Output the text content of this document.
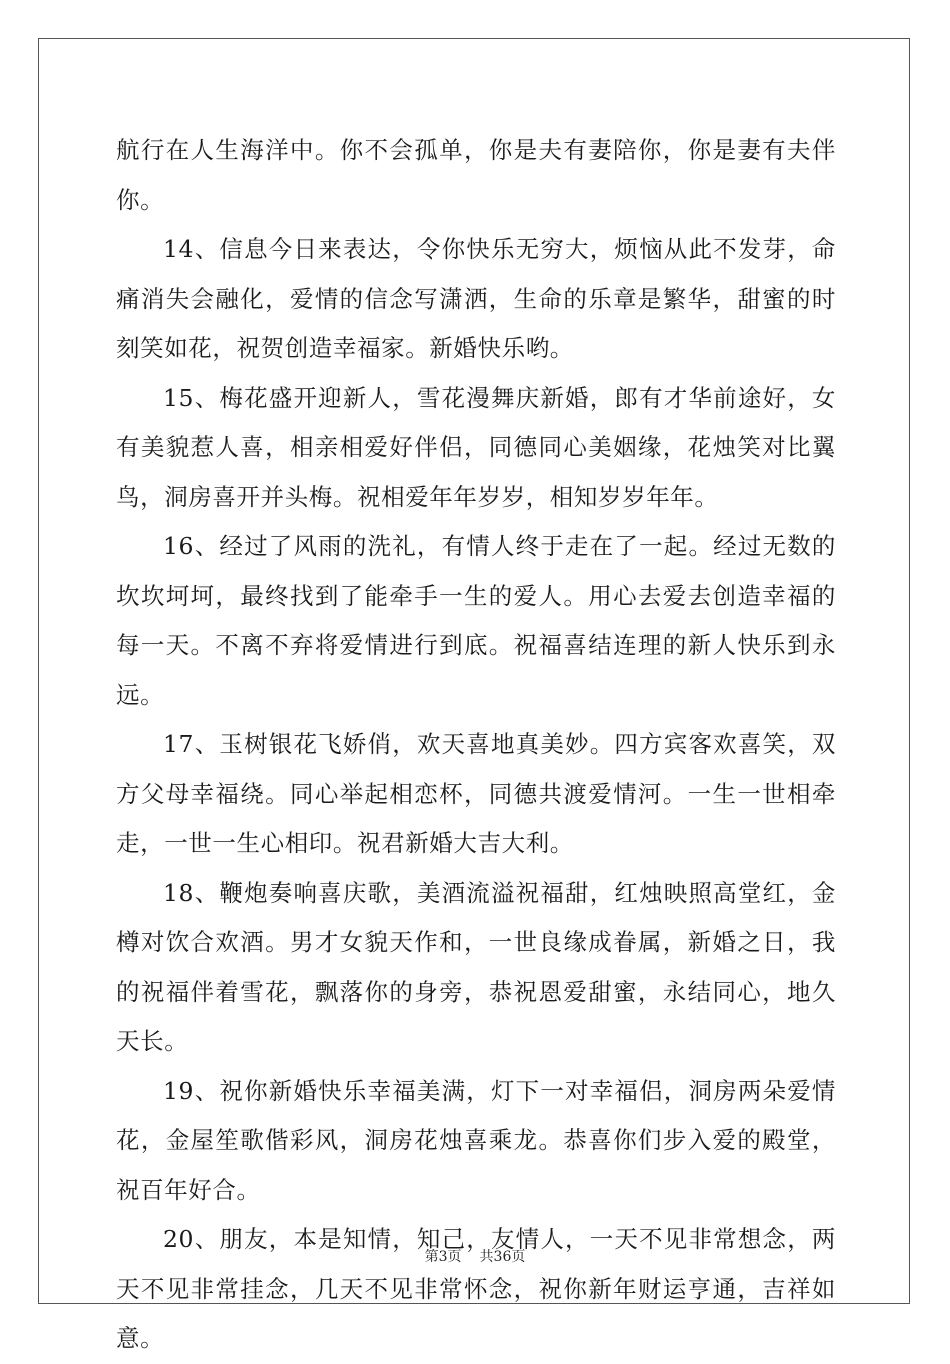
航行在人生海洋中。你不会孤单，你是夫有妻陪你，你是妻有夫伴你。

14、信息今日来表达，令你快乐无穷大，烦恼从此不发芽，命痛消失会融化，爱情的信念写潇洒，生命的乐章是繁华，甜蜜的时刻笑如花，祝贺创造幸福家。新婚快乐哟。

15、梅花盛开迎新人，雪花漫舞庆新婚，郎有才华前途好，女有美貌惹人喜，相亲相爱好伴侣，同德同心美姻缘，花烛笑对比翼鸟，洞房喜开并头梅。祝相爱年年岁岁，相知岁岁年年。

16、经过了风雨的洗礼，有情人终于走在了一起。经过无数的坎坎坷坷，最终找到了能牵手一生的爱人。用心去爱去创造幸福的每一天。不离不弃将爱情进行到底。祝福喜结连理的新人快乐到永远。

17、玉树银花飞娇俏，欢天喜地真美妙。四方宾客欢喜笑，双方父母幸福绕。同心举起相恋杯，同德共渡爱情河。一生一世相牵走，一世一生心相印。祝君新婚大吉大利。

18、鞭炮奏响喜庆歌，美酒流溢祝福甜，红烛映照高堂红，金樽对饮合欢酒。男才女貌天作和，一世良缘成眷属，新婚之日，我的祝福伴着雪花，飘落你的身旁，恭祝恩爱甜蜜，永结同心，地久天长。

19、祝你新婚快乐幸福美满，灯下一对幸福侣，洞房两朵爱情花，金屋笙歌偕彩风，洞房花烛喜乘龙。恭喜你们步入爱的殿堂，祝百年好合。

20、朋友，本是知情，知己，友情人，一天不见非常想念，两天不见非常挂念，几天不见非常怀念，祝你新年财运亨通，吉祥如意。

第3页 共36页
